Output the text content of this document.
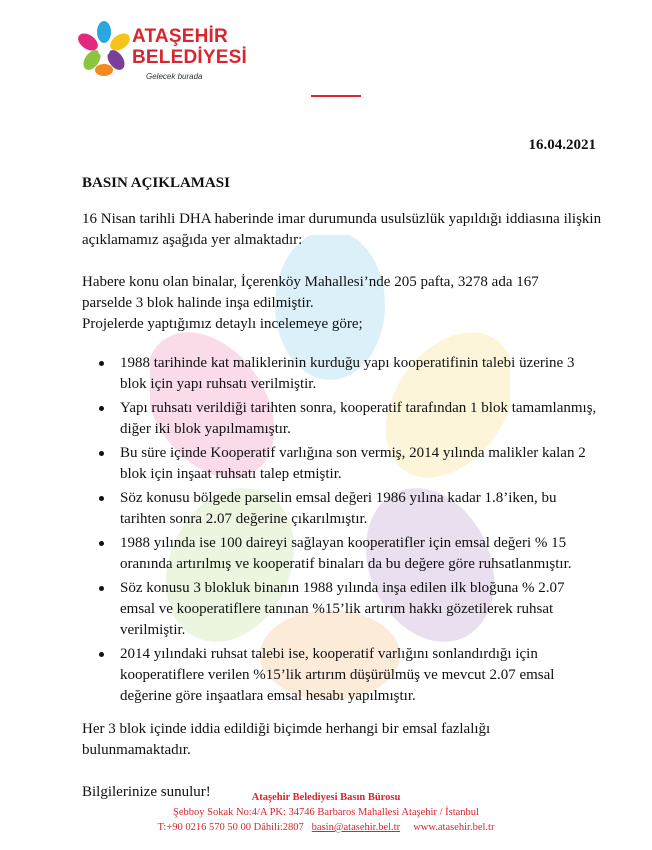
ATAŞEHİR
BELEDİYESİ
Gelecek burada
16.04.2021
BASIN AÇIKLAMASI

16 Nisan tarihli DHA haberinde imar durumunda usulsüzlük yapıldığı iddiasına ilişkin açıklamamız aşağıda yer almaktadır:

Habere konu olan binalar, İçerenköy Mahallesi’nde 205 pafta, 3278 ada 167

parselde 3 blok halinde inşa edilmiştir.

Projelerde yaptığımız detaylı incelemeye göre;

1988 tarihinde kat maliklerinin kurduğu yapı kooperatifinin talebi üzerine 3 blok için yapı ruhsatı verilmiştir.
Yapı ruhsatı verildiği tarihten sonra, kooperatif tarafından 1 blok tamamlanmış, diğer iki blok yapılmamıştır.
Bu süre içinde Kooperatif varlığına son vermiş, 2014 yılında malikler kalan 2 blok için inşaat ruhsatı talep etmiştir.
Söz konusu bölgede parselin emsal değeri 1986 yılına kadar 1.8’iken, bu tarihten sonra 2.07 değerine çıkarılmıştır.
1988 yılında ise 100 daireyi sağlayan kooperatifler için emsal değeri % 15 oranında artırılmış ve kooperatif binaları da bu değere göre ruhsatlanmıştır.
Söz konusu 3 blokluk binanın 1988 yılında inşa edilen ilk bloğuna % 2.07 emsal ve kooperatiflere tanınan %15’lik artırım hakkı gözetilerek ruhsat verilmiştir.
2014 yılındaki ruhsat talebi ise, kooperatif varlığını sonlandırdığı için kooperatiflere verilen %15’lik artırım düşürülmüş ve mevcut 2.07 emsal değerine göre inşaatlara emsal hesabı yapılmıştır.

Her 3 blok içinde iddia edildiği biçimde herhangi bir emsal fazlalığı bulunmamaktadır.

Bilgilerinize sunulur!	Ataşehir Belediyesi Basın Bürosu
Şebboy Sokak No:4/A PK: 34746 Barbaros Mahallesi Ataşehir / İstanbul
T:+90 0216 570 50 00 Dâhili:2807 basin@atasehir.bel.tr www.atasehir.bel.tr
